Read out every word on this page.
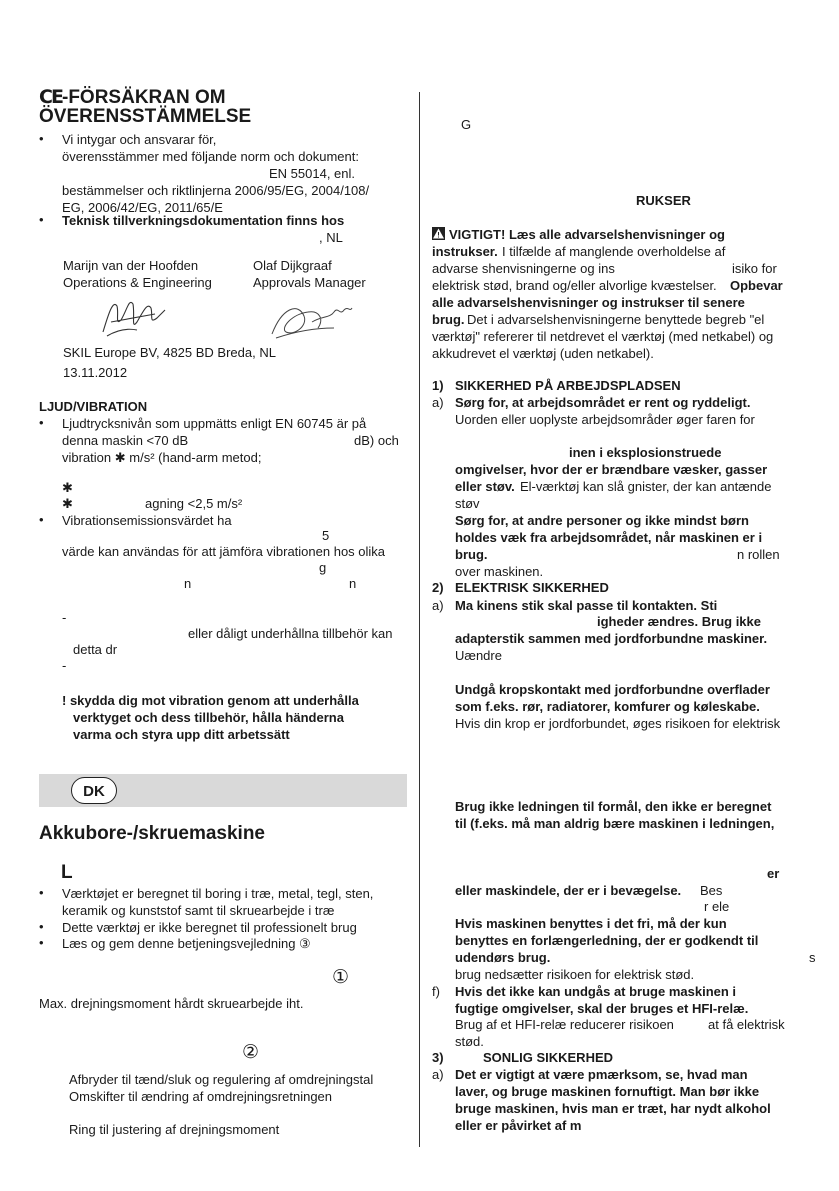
CE -FÖRSÄKRAN OM
ÖVERENSSTÄMMELSE
• Vi intygar och ansvarar för,
överensstämmer med följande norm och dokument:
EN 55014, enl.
bestämmelser och riktlinjerna 2006/95/EG, 2004/108/
EG, 2006/42/EG, 2011/65/E
• Teknisk tillverkningsdokumentation finns hos
, NL
Marijn van der Hoofden
Operations & Engineering
Olaf Dijkgraaf
Approvals Manager
SKIL Europe BV, 4825 BD Breda, NL
13.11.2012
LJUD/VIBRATION
• Ljudtrycksnivån som uppmätts enligt EN 60745 är på
denna maskin <70 dB	dB) och
vibration ✱ m/s² (hand-arm metod;
✱
✱	agning <2,5 m/s²
• Vibrationsemissionsvärdet ha
5
värde kan användas för att jämföra vibrationen hos olika
g
n	n
-
eller dåligt underhållna tillbehör kan
detta dr
-
! skydda dig mot vibration genom att underhålla
verktyget och dess tillbehör, hålla händerna
varma och styra upp ditt arbetssätt
DK
Akkubore-/skruemaskine
L
• Værktøjet er beregnet til boring i træ, metal, tegl, sten,
keramik og kunststof samt til skruearbejde i træ
• Dette værktøj er ikke beregnet til professionelt brug
• Læs og gem denne betjeningsvejledning ③
①
Max. drejningsmoment hårdt skruearbejde iht.
②
Afbryder til tænd/sluk og regulering af omdrejningstal
Omskifter til ændring af omdrejningsretningen
Ring til justering af drejningsmoment
G
RUKSER
VIGTIGT! Læs alle advarselshenvisninger og
instrukser. I tilfælde af manglende overholdelse af
advarse shenvisningerne og ins	isiko for
elektrisk stød, brand og/eller alvorlige kvæstelser. Opbevar
alle advarselshenvisninger og instrukser til senere
brug. Det i advarselshenvisningerne benyttede begreb "el
værktøj" refererer til netdrevet el værktøj (med netkabel) og
akkudrevet el værktøj (uden netkabel).
1) SIKKERHED PÅ ARBEJDSPLADSEN
a) Sørg for, at arbejdsområdet er rent og ryddeligt.
Uorden eller uoplyste arbejdsområder øger faren for
inen i eksplosionstruede
omgivelser, hvor der er brændbare væsker, gasser
eller støv. El-værktøj kan slå gnister, der kan antænde
støv
Sørg for, at andre personer og ikke mindst børn
holdes væk fra arbejdsområdet, når maskinen er i
brug.	n rollen
over maskinen.
2) ELEKTRISK SIKKERHED
a) Ma kinens stik skal passe til kontakten. Sti
igheder ændres. Brug ikke
adapterstik sammen med jordforbundne maskiner.
Uændre
Undgå kropskontakt med jordforbundne overflader
som f.eks. rør, radiatorer, komfurer og køleskabe.
Hvis din krop er jordforbundet, øges risikoen for elektrisk
Brug ikke ledningen til formål, den ikke er beregnet
til (f.eks. må man aldrig bære maskinen i ledningen,
er
eller maskindele, der er i bevægelse. Bes
r ele
Hvis maskinen benyttes i det fri, må der kun
benyttes en forlængerledning, der er godkendt til
udendørs brug.	s
brug nedsætter risikoen for elektrisk stød.
f) Hvis det ikke kan undgås at bruge maskinen i
fugtige omgivelser, skal der bruges et HFI-relæ.
Brug af et HFI-relæ reducerer risikoen	at få elektrisk
stød.
3)	SONLIG SIKKERHED
a) Det er vigtigt at være pmærksom, se, hvad man
laver, og bruge maskinen fornuftigt. Man bør ikke
bruge maskinen, hvis man er træt, har nydt alkohol
eller er påvirket af m
